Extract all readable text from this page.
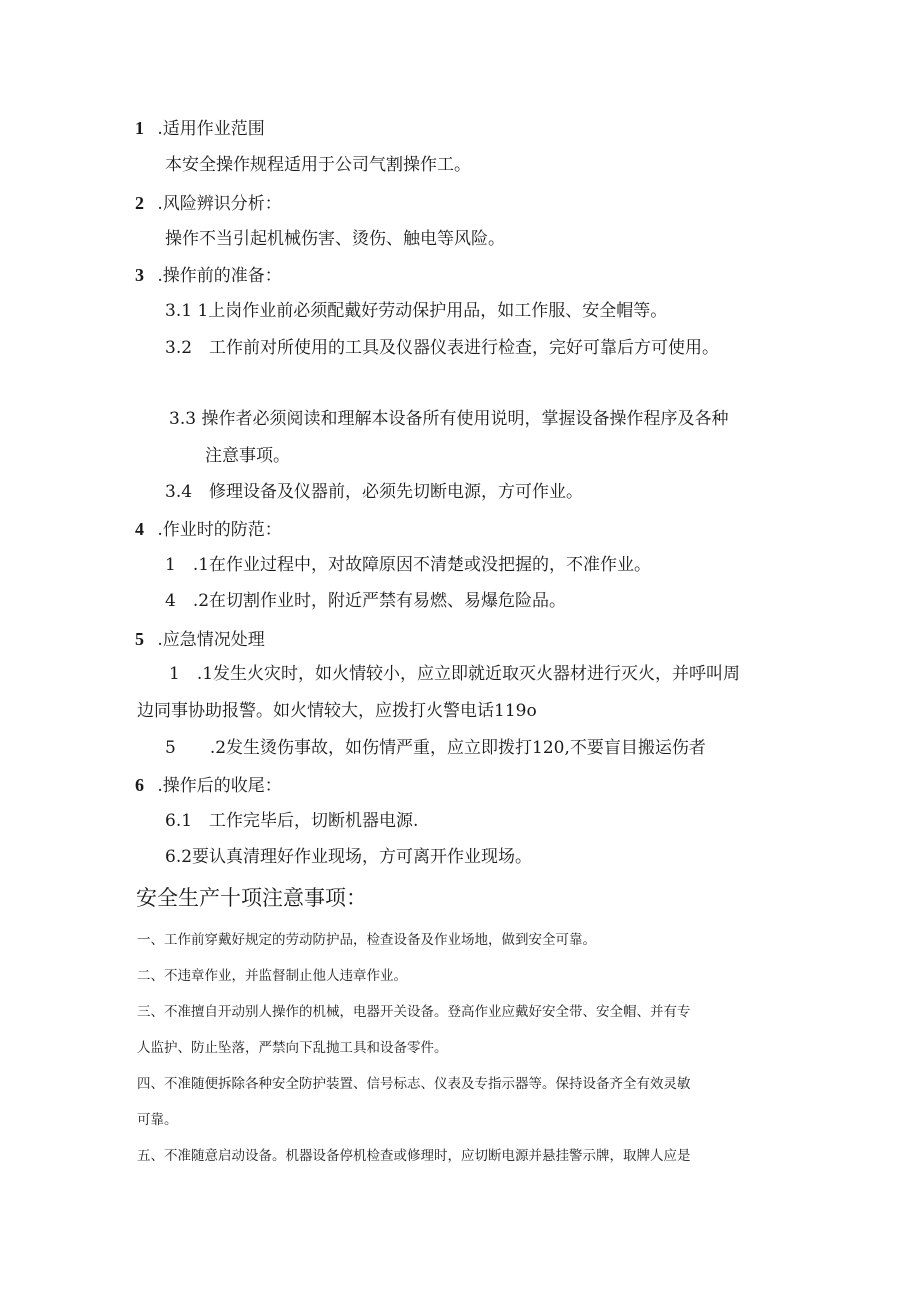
1 .适用作业范围
本安全操作规程适用于公司气割操作工。
2 .风险辨识分析：
操作不当引起机械伤害、烫伤、触电等风险。
3 .操作前的准备：
3.1 1上岗作业前必须配戴好劳动保护用品，如工作服、安全帽等。
3.2　工作前对所使用的工具及仪器仪表进行检查，完好可靠后方可使用。
3.3 操作者必须阅读和理解本设备所有使用说明，掌握设备操作程序及各种
注意事项。
3.4　修理设备及仪器前，必须先切断电源，方可作业。
4 .作业时的防范：
1　.1在作业过程中，对故障原因不清楚或没把握的，不准作业。
4　.2在切割作业时，附近严禁有易燃、易爆危险品。
5 .应急情况处理
1　.1发生火灾时，如火情较小，应立即就近取灭火器材进行灭火，并呼叫周
边同事协助报警。如火情较大，应拨打火警电话119o
5　　.2发生烫伤事故，如伤情严重，应立即拨打120,不要盲目搬运伤者
6 .操作后的收尾：
6.1　工作完毕后，切断机器电源.
6.2要认真清理好作业现场，方可离开作业现场。
安全生产十项注意事项：
一、工作前穿戴好规定的劳动防护品，检查设备及作业场地，做到安全可靠。
二、不违章作业，并监督制止他人违章作业。
三、不准擅自开动别人操作的机械，电器开关设备。登高作业应戴好安全带、安全帽、并有专
人监护、防止坠落，严禁向下乱抛工具和设备零件。
四、不准随便拆除各种安全防护装置、信号标志、仪表及专指示器等。保持设备齐全有效灵敏
可靠。
五、不准随意启动设备。机器设备停机检查或修理时，应切断电源并悬挂警示牌，取牌人应是
